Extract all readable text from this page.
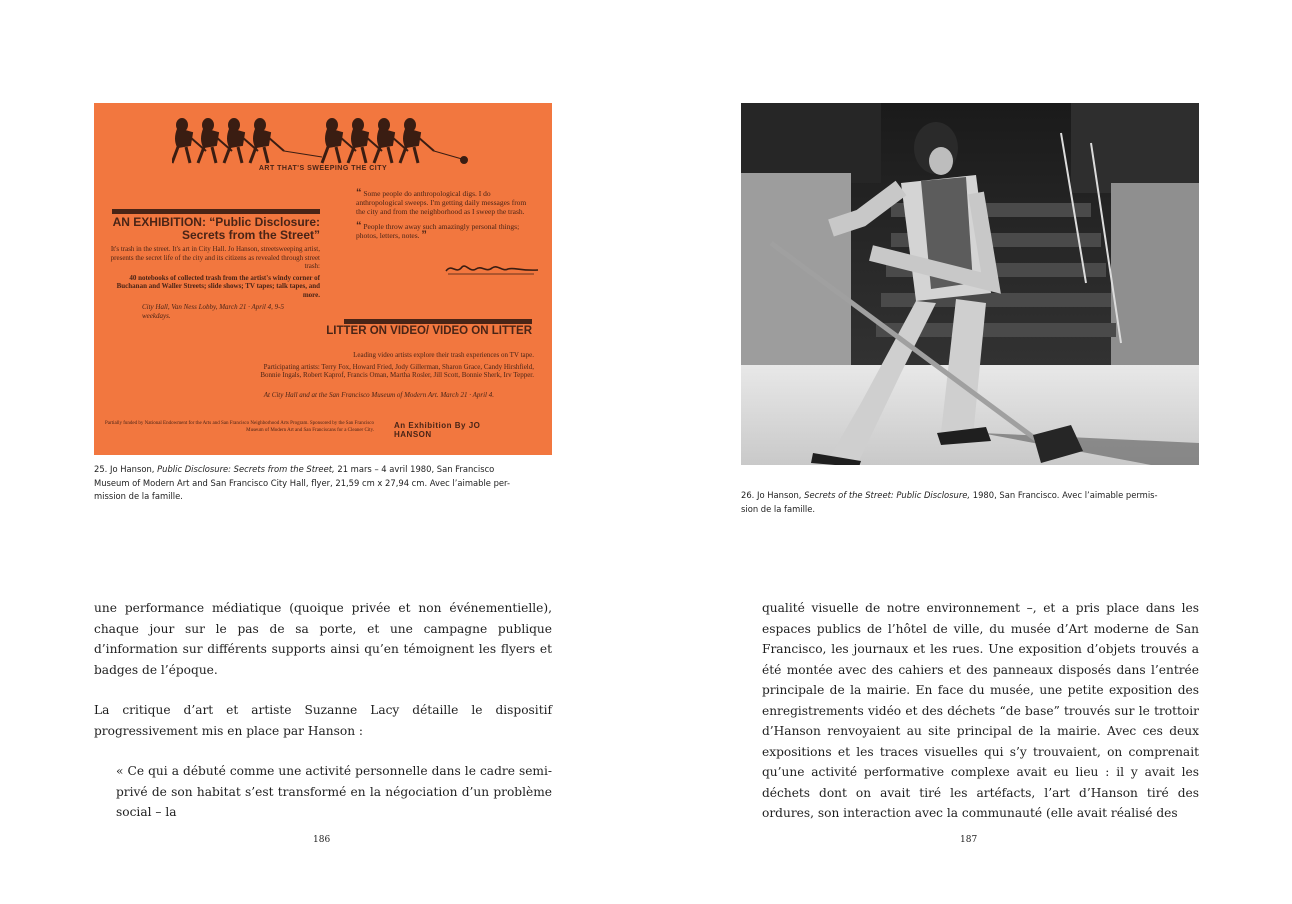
ART THAT'S SWEEPING THE CITY

“ Some people do anthropological digs. I do anthropological sweeps. I'm getting daily messages from the city and from the neighborhood as I sweep the trash.

“ People throw away such amazingly personal things; photos, letters, notes. ”

AN EXHIBITION: “Public Disclosure: Secrets from the Street”

It's trash in the street. It's art in City Hall. Jo Hanson, streetsweeping artist, presents the secret life of the city and its citizens as revealed through street trash:

40 notebooks of collected trash from the artist's windy corner of Buchanan and Waller Streets; slide shows; TV tapes; talk tapes, and more.

City Hall, Van Ness Lobby, March 21 · April 4, 9-5 weekdays.
LITTER ON VIDEO/ VIDEO ON LITTER

Leading video artists explore their trash experiences on TV tape.

Participating artists: Terry Fox, Howard Fried, Jody Gillerman, Sharon Grace, Candy Hirshfield, Bonnie Ingals, Robert Kaprof, Francis Oman, Martha Rosler, Jill Scott, Bonnie Sherk, Irv Tepper.

At City Hall and at the San Francisco Museum of Modern Art. March 21 · April 4.
Partially funded by National Endowment for the Arts and San Francisco Neighborhood Arts Program. Sponsored by the San Francisco Museum of Modern Art and San Franciscans for a Cleaner City.	An Exhibition By JO HANSON
25. Jo Hanson, Public Disclosure: Secrets from the Street, 21 mars – 4 avril 1980, San Francisco
Museum of Modern Art and San Francisco City Hall, flyer, 21,59 cm x 27,94 cm. Avec l’aimable per-
mission de la famille.

une performance médiatique (quoique privée et non événementielle), chaque jour sur le pas de sa porte, et une campagne publique d’information sur différents supports ainsi qu’en témoignent les flyers et badges de l’époque.

La critique d’art et artiste Suzanne Lacy détaille le dispositif progressivement mis en place par Hanson :

« Ce qui a débuté comme une activité personnelle dans le cadre semi-privé de son habitat s’est transformé en la négociation d’un problème social – la

186
26. Jo Hanson, Secrets of the Street: Public Disclosure, 1980, San Francisco. Avec l’aimable permis-
sion de la famille.

qualité visuelle de notre environnement –, et a pris place dans les espaces publics de l’hôtel de ville, du musée d’Art moderne de San Francisco, les journaux et les rues. Une exposition d’objets trouvés a été montée avec des cahiers et des panneaux disposés dans l’entrée principale de la mairie. En face du musée, une petite exposition des enregistrements vidéo et des déchets “de base” trouvés sur le trottoir d’Hanson renvoyaient au site principal de la mairie. Avec ces deux expositions et les traces visuelles qui s’y trouvaient, on comprenait qu’une activité performative complexe avait eu lieu : il y avait les déchets dont on avait tiré les artéfacts, l’art d’Hanson tiré des ordures, son interaction avec la communauté (elle avait réalisé des

187
